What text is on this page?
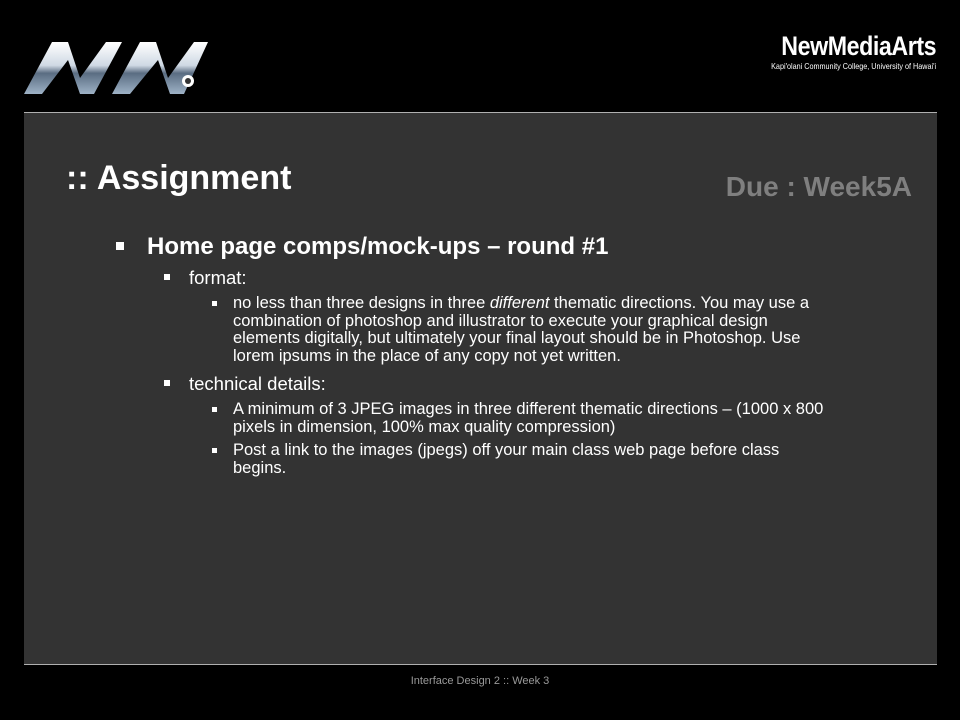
NewMediaArts
Kapi'olani Community College, University of Hawai'i
:: Assignment	Due : Week5A
Home page comps/mock-ups – round #1
format:
no less than three designs in three different thematic directions. You may use a combination of photoshop and illustrator to execute your graphical design elements digitally, but ultimately your final layout should be in Photoshop. Use lorem ipsums in the place of any copy not yet written.
technical details:
A minimum of 3 JPEG images in three different thematic directions – (1000 x 800 pixels in dimension, 100% max quality compression)
Post a link to the images (jpegs) off your main class web page before class begins.
Interface Design 2 :: Week 3
